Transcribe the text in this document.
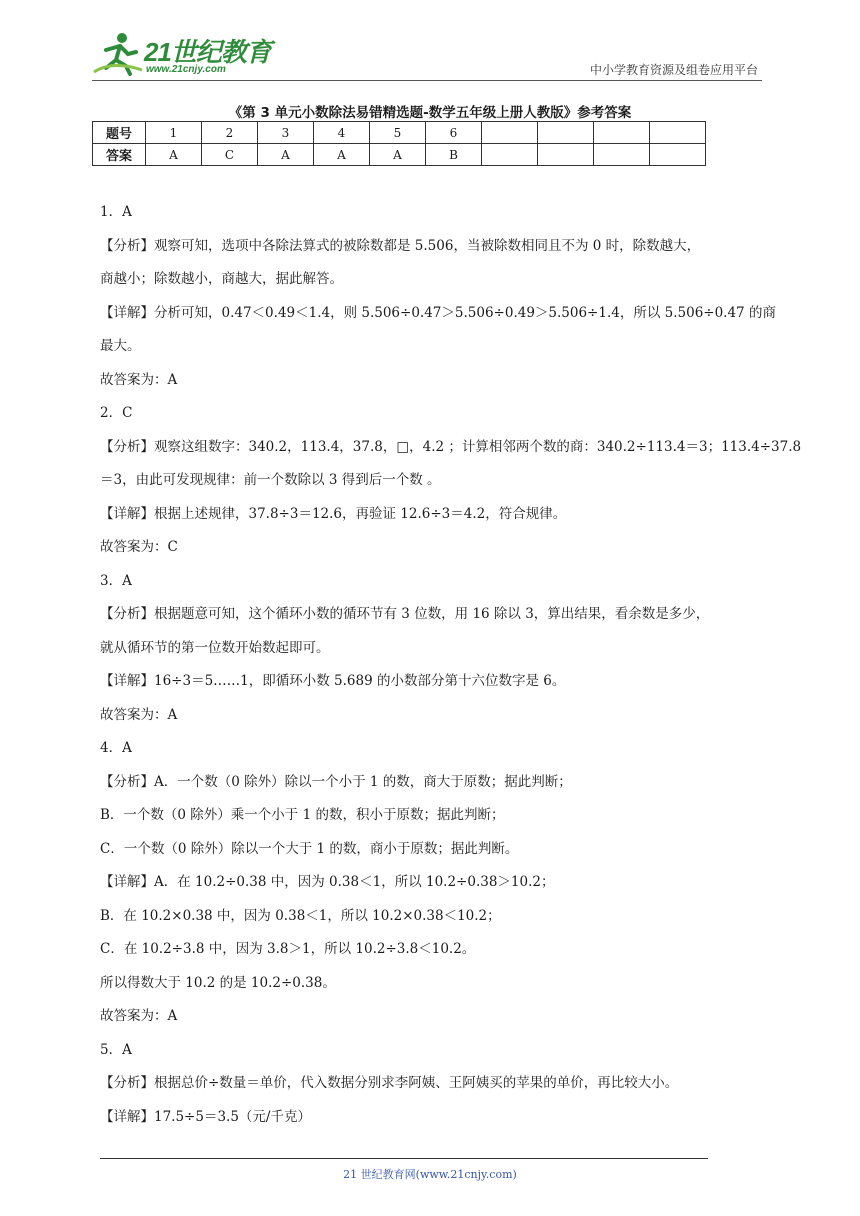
21世纪教育
www.21cnjy.com	中小学教育资源及组卷应用平台
《第 3 单元小数除法易错精选题-数学五年级上册人教版》参考答案
题号	1	2	3	4	5	6				
答案	A	C	A	A	A	B				
1．A
【分析】观察可知，选项中各除法算式的被除数都是 5.506，当被除数相同且不为 0 时，除数越大，
商越小；除数越小，商越大，据此解答。
【详解】分析可知，0.47＜0.49＜1.4，则 5.506÷0.47＞5.506÷0.49＞5.506÷1.4，所以 5.506÷0.47 的商
最大。
故答案为：A
2．C
【分析】观察这组数字：340.2，113.4，37.8，□，4.2 ；计算相邻两个数的商：340.2÷113.4＝3；113.4÷37.8
＝3，由此可发现规律：前一个数除以 3 得到后一个数 。
【详解】根据上述规律，37.8÷3＝12.6，再验证 12.6÷3＝4.2，符合规律。
故答案为：C
3．A
【分析】根据题意可知，这个循环小数的循环节有 3 位数，用 16 除以 3，算出结果，看余数是多少，
就从循环节的第一位数开始数起即可。
【详解】16÷3＝5……1，即循环小数 5.689 的小数部分第十六位数字是 6。
故答案为：A
4．A
【分析】A．一个数（0 除外）除以一个小于 1 的数，商大于原数；据此判断；
B．一个数（0 除外）乘一个小于 1 的数，积小于原数；据此判断；
C．一个数（0 除外）除以一个大于 1 的数，商小于原数；据此判断。
【详解】A．在 10.2÷0.38 中，因为 0.38＜1，所以 10.2÷0.38＞10.2；
B．在 10.2×0.38 中，因为 0.38＜1，所以 10.2×0.38＜10.2；
C．在 10.2÷3.8 中，因为 3.8＞1，所以 10.2÷3.8＜10.2。
所以得数大于 10.2 的是 10.2÷0.38。
故答案为：A
5．A
【分析】根据总价÷数量＝单价，代入数据分别求李阿姨、王阿姨买的苹果的单价，再比较大小。
【详解】17.5÷5＝3.5（元/千克）
21 世纪教育网(www.21cnjy.com)
